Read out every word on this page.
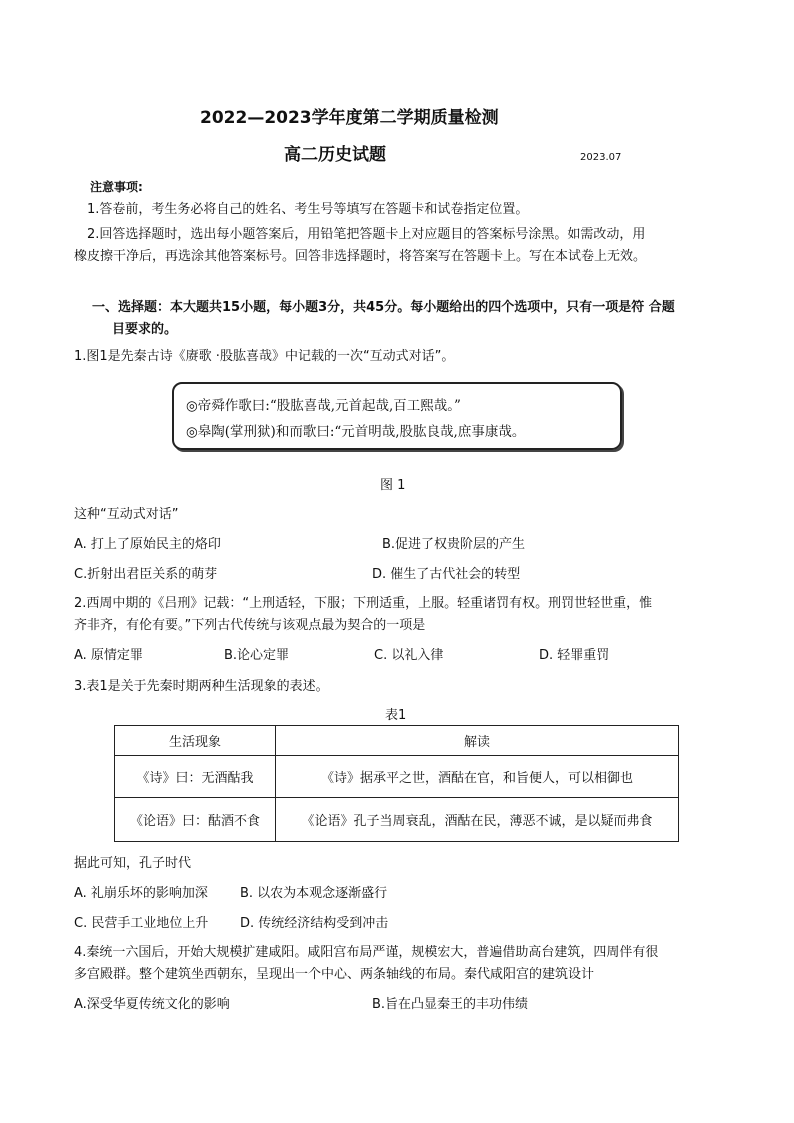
2022—2023学年度第二学期质量检测
高二历史试题	2023.07
注意事项:
1.答卷前，考生务必将自己的姓名、考生号等填写在答题卡和试卷指定位置。
2.回答选择题时，选出每小题答案后，用铅笔把答题卡上对应题目的答案标号涂黑。如需改动，用
橡皮擦干净后，再选涂其他答案标号。回答非选择题时，将答案写在答题卡上。写在本试卷上无效。
一、选择题：本大题共15小题，每小题3分，共45分。每小题给出的四个选项中，只有一项是符 合题
目要求的。
1.图1是先秦古诗《赓歌 ·股肱喜哉》中记载的一次“互动式对话”。
◎帝舜作歌曰:“股肱喜哉,元首起哉,百工熙哉。”
◎皋陶(掌刑狱)和而歌曰:“元首明哉,股肱良哉,庶事康哉。
图 1
这种“互动式对话”
A. 打上了原始民主的烙印	B.促进了权贵阶层的产生
C.折射出君臣关系的萌芽	D. 催生了古代社会的转型
2.西周中期的《吕刑》记载：“上刑适轻，下服；下刑适重，上服。轻重诸罚有权。刑罚世轻世重，惟
齐非齐，有伦有要。”下列古代传统与该观点最为契合的一项是
A. 原情定罪	B.论心定罪	C. 以礼入律	D. 轻罪重罚
3.表1是关于先秦时期两种生活现象的表述。
表1
生活现象	解读
《诗》曰：无酒酤我	《诗》据承平之世，酒酤在官，和旨便人，可以相御也
《论语》曰：酤酒不食	《论语》孔子当周衰乱，酒酤在民，薄恶不诚，是以疑而弗食
据此可知，孔子时代
A. 礼崩乐坏的影响加深 B. 以农为本观念逐渐盛行
C. 民营手工业地位上升 D. 传统经济结构受到冲击
4.秦统一六国后，开始大规模扩建咸阳。咸阳宫布局严谨，规模宏大，普遍借助高台建筑，四周伴有很
多宫殿群。整个建筑坐西朝东，呈现出一个中心、两条轴线的布局。秦代咸阳宫的建筑设计
A.深受华夏传统文化的影响	B.旨在凸显秦王的丰功伟绩
